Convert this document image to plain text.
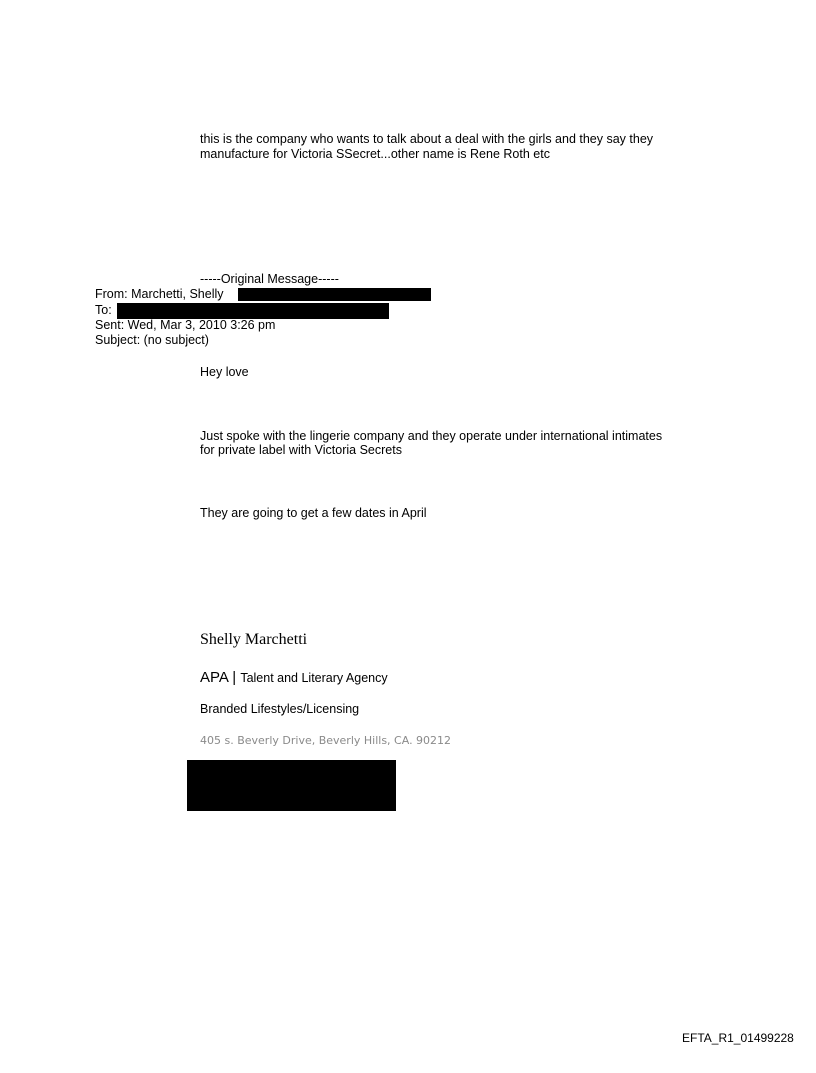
this is the company who wants to talk about a deal with the girls and they say they
manufacture for Victoria SSecret...other name is Rene Roth etc
-----Original Message-----
From: Marchetti, Shelly
To:
Sent: Wed, Mar 3, 2010 3:26 pm
Subject: (no subject)
Hey love
Just spoke with the lingerie company and they operate under international intimates
for private label with Victoria Secrets
They are going to get a few dates in April
Shelly Marchetti
APA | Talent and Literary Agency
Branded Lifestyles/Licensing
405 s. Beverly Drive, Beverly Hills, CA. 90212
EFTA_R1_01499228
